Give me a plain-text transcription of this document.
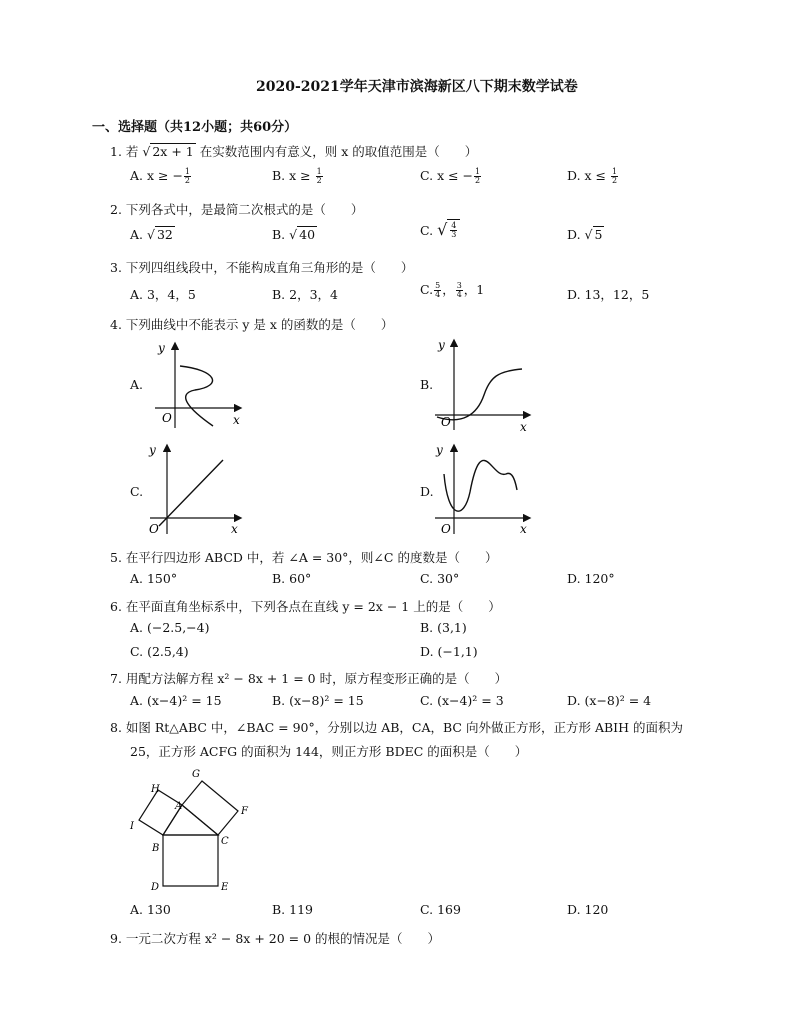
2020-2021学年天津市滨海新区八下期末数学试卷
一、选择题（共12小题；共60分）
1. 若 √ 2x + 1 在实数范围内有意义，则 x 的取值范围是（　　）
A. x ≥ − $\frac{1}{2}$	B. $x \ge \frac{1}{2}$	C. x ≤ − $\frac{1}{2}$	D. $x \le \frac{1}{2}$
2. 下列各式中，是最简二次根式的是（　　）
A. √ 32	B. √ 40	C. √ $\frac{4}{3}$	D. √ 5
3. 下列四组线段中，不能构成直角三角形的是（　　）
A. 3，4，5	B. 2，3，4	C. $\frac{5}{4}$ ， $\frac{3}{4}$ ，1	D. 13，12，5
4. 下列曲线中不能表示 y 是 x 的函数的是（　　）
A.
y
x
O
B.
y
x
O
C.
y
x
O
D.
y
x
O
5. 在平行四边形 ABCD 中，若 ∠A = 30°，则∠C 的度数是（　　）
A. 150°	B. 60°	C. 30°	D. 120°
6. 在平面直角坐标系中，下列各点在直线 y = 2x − 1 上的是（　　）
A. (−2.5,−4)	B. (3,1)
C. (2.5,4)	D. (−1,1)
7. 用配方法解方程 x² − 8x + 1 = 0 时，原方程变形正确的是（　　）
A. (x−4)² = 15	B. (x−8)² = 15	C. (x−4)² = 3	D. (x−8)² = 4
8. 如图 Rt△ABC 中，∠BAC = 90°，分别以边 AB，CA，BC 向外做正方形，正方形 ABIH 的面积为
25，正方形 ACFG 的面积为 144，则正方形 BDEC 的面积是（　　）
G
H
A	F
I
B
C
D	E
A. 130	B. 119	C. 169	D. 120
9. 一元二次方程 x² − 8x + 20 = 0 的根的情况是（　　）
